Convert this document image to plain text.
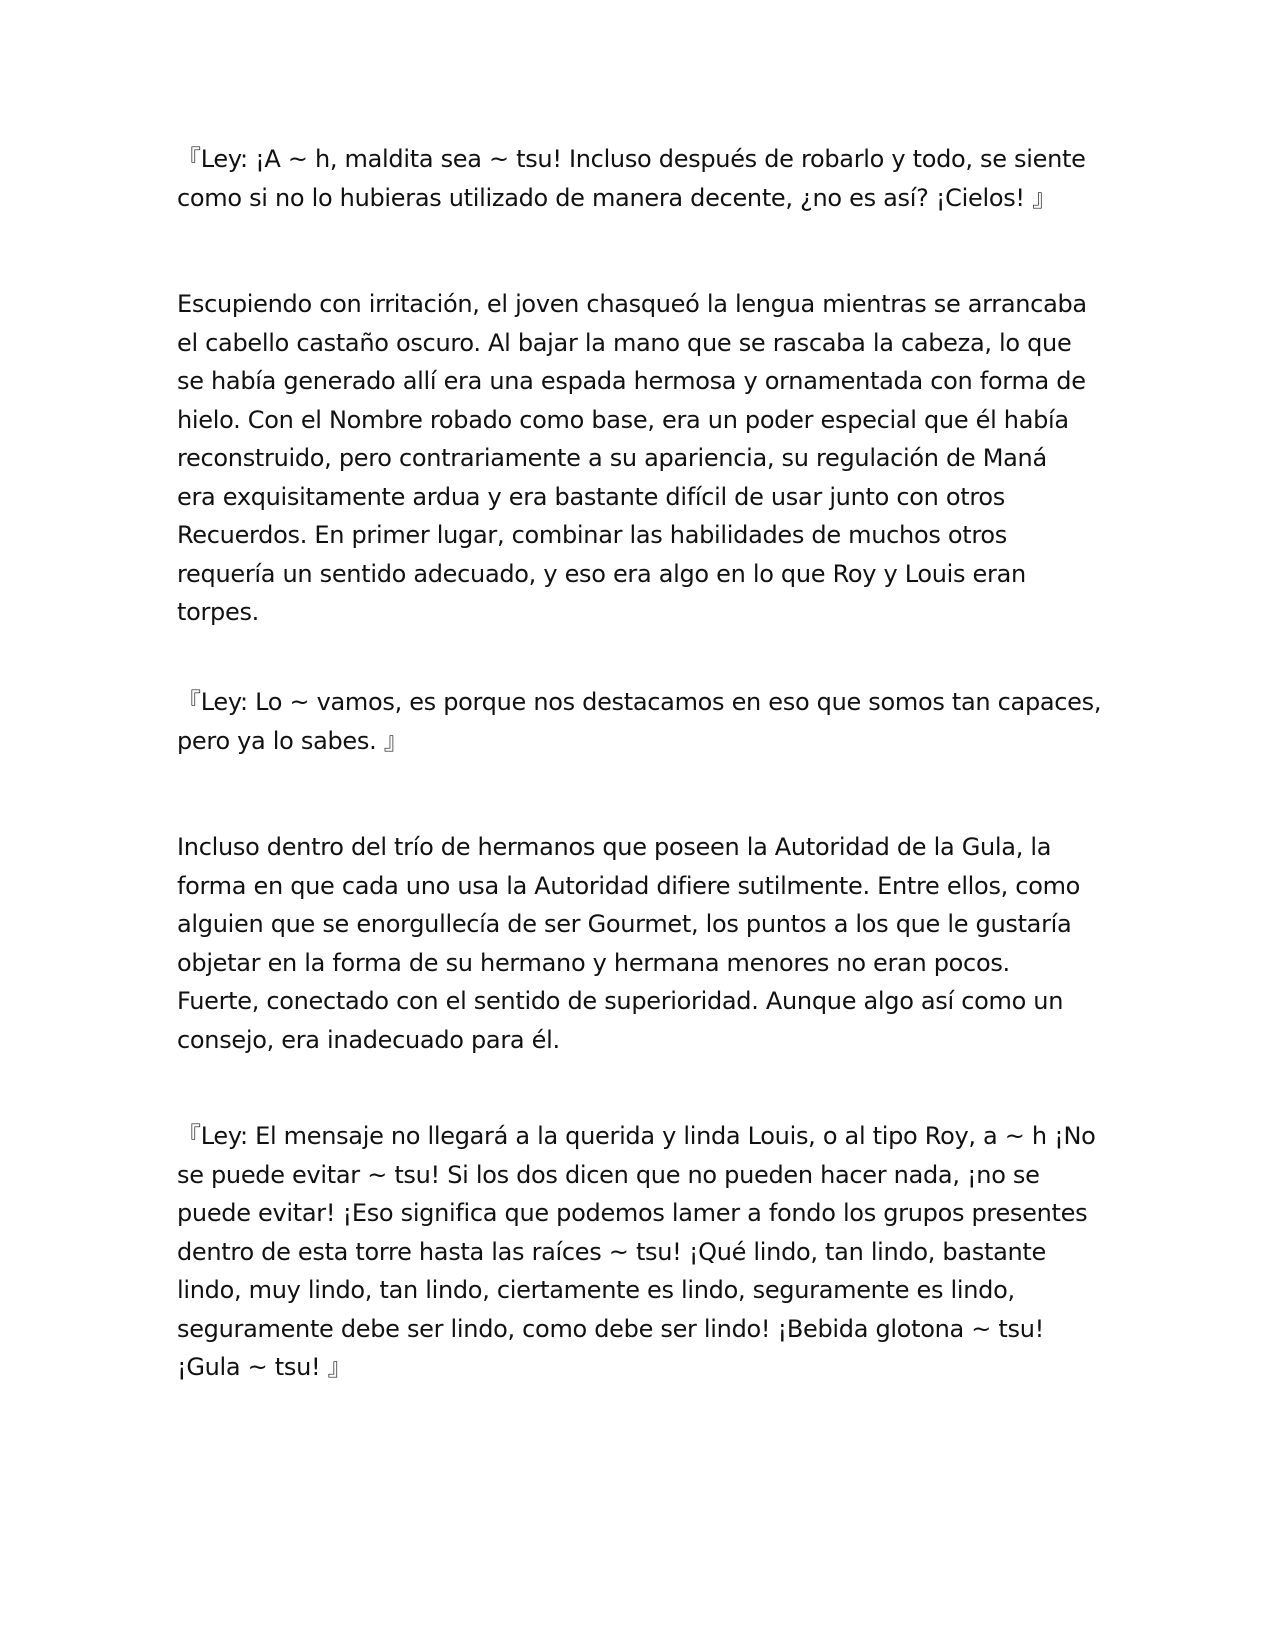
『Ley: ¡A ~ h, maldita sea ~ tsu! Incluso después de robarlo y todo, se siente
como si no lo hubieras utilizado de manera decente, ¿no es así? ¡Cielos! 』

Escupiendo con irritación, el joven chasqueó la lengua mientras se arrancaba
el cabello castaño oscuro. Al bajar la mano que se rascaba la cabeza, lo que
se había generado allí era una espada hermosa y ornamentada con forma de
hielo. Con el Nombre robado como base, era un poder especial que él había
reconstruido, pero contrariamente a su apariencia, su regulación de Maná
era exquisitamente ardua y era bastante difícil de usar junto con otros
Recuerdos. En primer lugar, combinar las habilidades de muchos otros
requería un sentido adecuado, y eso era algo en lo que Roy y Louis eran
torpes.

『Ley: Lo ~ vamos, es porque nos destacamos en eso que somos tan capaces,
pero ya lo sabes. 』

Incluso dentro del trío de hermanos que poseen la Autoridad de la Gula, la
forma en que cada uno usa la Autoridad difiere sutilmente. Entre ellos, como
alguien que se enorgullecía de ser Gourmet, los puntos a los que le gustaría
objetar en la forma de su hermano y hermana menores no eran pocos.
Fuerte, conectado con el sentido de superioridad. Aunque algo así como un
consejo, era inadecuado para él.

『Ley: El mensaje no llegará a la querida y linda Louis, o al tipo Roy, a ~ h ¡No
se puede evitar ~ tsu! Si los dos dicen que no pueden hacer nada, ¡no se
puede evitar! ¡Eso significa que podemos lamer a fondo los grupos presentes
dentro de esta torre hasta las raíces ~ tsu! ¡Qué lindo, tan lindo, bastante
lindo, muy lindo, tan lindo, ciertamente es lindo, seguramente es lindo,
seguramente debe ser lindo, como debe ser lindo! ¡Bebida glotona ~ tsu!
¡Gula ~ tsu! 』
